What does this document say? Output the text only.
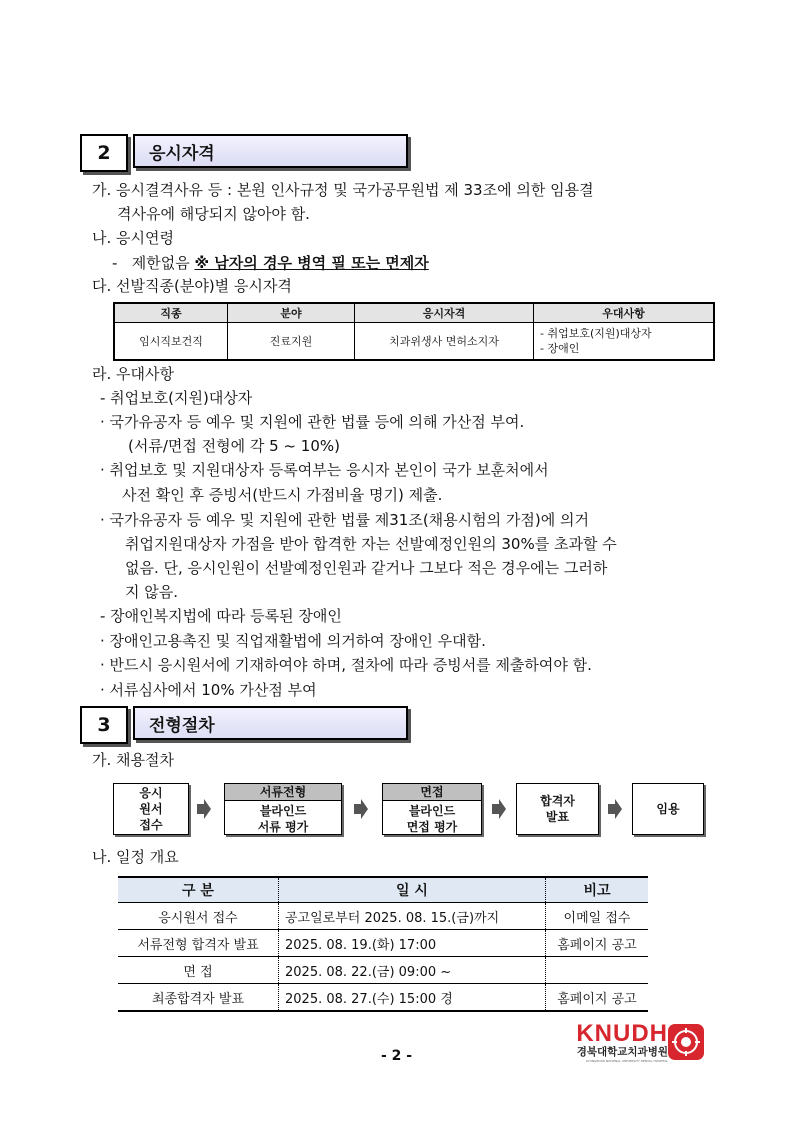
2	응시자격
가. 응시결격사유 등 : 본원 인사규정 및 국가공무원법 제 33조에 의한 임용결
격사유에 해당되지 않아야 함.
나. 응시연령
- 제한없음 ※ 남자의 경우 병역 필 또는 면제자
다. 선발직종(분야)별 응시자격
직종	분야	응시자격	우대사항
임시직보건직	진료지원	치과위생사 면허소지자	- 취업보호(지원)대상자
- 장애인
라. 우대사항
- 취업보호(지원)대상자
· 국가유공자 등 예우 및 지원에 관한 법률 등에 의해 가산점 부여.
(서류/면접 전형에 각 5 ~ 10%)
· 취업보호 및 지원대상자 등록여부는 응시자 본인이 국가 보훈처에서
사전 확인 후 증빙서(반드시 가점비율 명기) 제출.
· 국가유공자 등 예우 및 지원에 관한 법률 제31조(채용시험의 가점)에 의거
취업지원대상자 가점을 받아 합격한 자는 선발예정인원의 30%를 초과할 수
없음. 단, 응시인원이 선발예정인원과 같거나 그보다 적은 경우에는 그러하
지 않음.
- 장애인복지법에 따라 등록된 장애인
· 장애인고용촉진 및 직업재활법에 의거하여 장애인 우대함.
· 반드시 응시원서에 기재하여야 하며, 절차에 따라 증빙서를 제출하여야 함.
· 서류심사에서 10% 가산점 부여
3	전형절차
가. 채용절차
응시
원서
접수
서류전형
블라인드
서류 평가
면접
블라인드
면접 평가
합격자
발표
임용
나. 일정 개요
구 분	일 시	비고
응시원서 접수	공고일로부터 2025. 08. 15.(금)까지	이메일 접수
서류전형 합격자 발표	2025. 08. 19.(화) 17:00	홈페이지 공고
면 접	2025. 08. 22.(금) 09:00 ~	
최종합격자 발표	2025. 08. 27.(수) 15:00 경	홈페이지 공고
KNUDH
경북대학교치과병원
KYUNGPOOK NATIONAL UNIVERSITY DENTAL HOSPITAL
- 2 -
